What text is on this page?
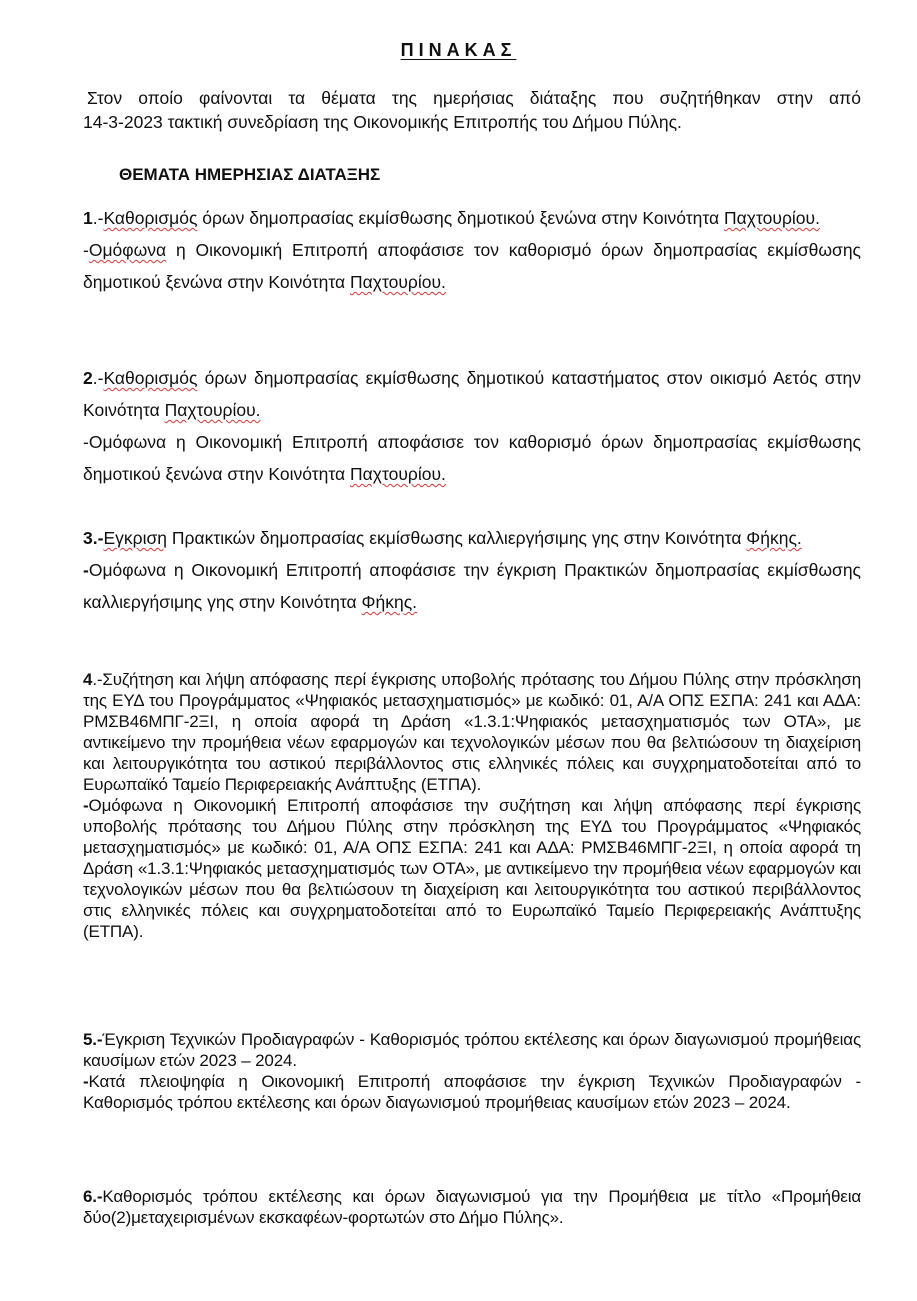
ΠΙΝΑΚΑΣ
Στον οποίο φαίνονται τα θέματα της ημερήσιας διάταξης που συζητήθηκαν στην από
14-3-2023 τακτική συνεδρίαση της Οικονομικής Επιτροπής του Δήμου Πύλης.
ΘΕΜΑΤΑ ΗΜΕΡΗΣΙΑΣ ΔΙΑΤΑΞΗΣ

1.-Καθορισμός όρων δημοπρασίας εκμίσθωσης δημοτικού ξενώνα στην Κοινότητα Παχτουρίου.

-Ομόφωνα η Οικονομική Επιτροπή αποφάσισε τον καθορισμό όρων δημοπρασίας εκμίσθωσης δημοτικού ξενώνα στην Κοινότητα Παχτουρίου.

2.-Καθορισμός όρων δημοπρασίας εκμίσθωσης δημοτικού καταστήματος στον οικισμό Αετός στην Κοινότητα Παχτουρίου.

-Ομόφωνα η Οικονομική Επιτροπή αποφάσισε τον καθορισμό όρων δημοπρασίας εκμίσθωσης δημοτικού ξενώνα στην Κοινότητα Παχτουρίου.

3.-Εγκριση Πρακτικών δημοπρασίας εκμίσθωσης καλλιεργήσιμης γης στην Κοινότητα Φήκης.

-Ομόφωνα η Οικονομική Επιτροπή αποφάσισε την έγκριση Πρακτικών δημοπρασίας εκμίσθωσης καλλιεργήσιμης γης στην Κοινότητα Φήκης.

4.-Συζήτηση και λήψη απόφασης περί έγκρισης υποβολής πρότασης του Δήμου Πύλης στην πρόσκληση της ΕΥΔ του Προγράμματος «Ψηφιακός μετασχηματισμός» με κωδικό: 01, Α/Α ΟΠΣ ΕΣΠΑ: 241 και ΑΔΑ: ΡΜΣΒ46ΜΠΓ-2ΞΙ, η οποία αφορά τη Δράση «1.3.1:Ψηφιακός μετασχηματισμός των ΟΤΑ», με αντικείμενο την προμήθεια νέων εφαρμογών και τεχνολογικών μέσων που θα βελτιώσουν τη διαχείριση και λειτουργικότητα του αστικού περιβάλλοντος στις ελληνικές πόλεις και συγχρηματοδοτείται από το Ευρωπαϊκό Ταμείο Περιφερειακής Ανάπτυξης (ΕΤΠΑ).

-Ομόφωνα η Οικονομική Επιτροπή αποφάσισε την συζήτηση και λήψη απόφασης περί έγκρισης υποβολής πρότασης του Δήμου Πύλης στην πρόσκληση της ΕΥΔ του Προγράμματος «Ψηφιακός μετασχηματισμός» με κωδικό: 01, Α/Α ΟΠΣ ΕΣΠΑ: 241 και ΑΔΑ: ΡΜΣΒ46ΜΠΓ-2ΞΙ, η οποία αφορά τη Δράση «1.3.1:Ψηφιακός μετασχηματισμός των ΟΤΑ», με αντικείμενο την προμήθεια νέων εφαρμογών και τεχνολογικών μέσων που θα βελτιώσουν τη διαχείριση και λειτουργικότητα του αστικού περιβάλλοντος στις ελληνικές πόλεις και συγχρηματοδοτείται από το Ευρωπαϊκό Ταμείο Περιφερειακής Ανάπτυξης (ΕΤΠΑ).

5.-Έγκριση Τεχνικών Προδιαγραφών - Καθορισμός τρόπου εκτέλεσης και όρων διαγωνισμού προμήθειας καυσίμων ετών 2023 – 2024.

-Κατά πλειοψηφία η Οικονομική Επιτροπή αποφάσισε την έγκριση Τεχνικών Προδιαγραφών - Καθορισμός τρόπου εκτέλεσης και όρων διαγωνισμού προμήθειας καυσίμων ετών 2023 – 2024.

6.-Καθορισμός τρόπου εκτέλεσης και όρων διαγωνισμού για την Προμήθεια με τίτλο «Προμήθεια δύο(2)μεταχειρισμένων εκσκαφέων-φορτωτών στο Δήμο Πύλης».
